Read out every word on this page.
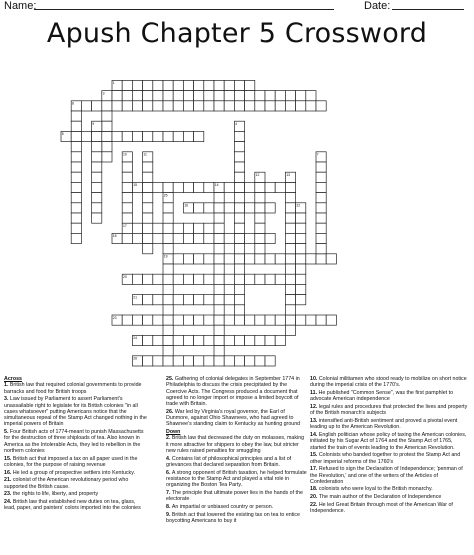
Name:	Date:
Apush Chapter 5 Crossword
1
3
8
5
15
16
17
18
19
20
21
23
24
26
9
10	11
4
7
12	13
14
22
25
Across
1. British law that required colonial governments to provide barracks and food for British troops
3. Law issued by Parliament to assert Parliament's unassailable right to legislate for its British colonies "in all cases whatsoever" putting Americans notice that the simultaneous repeal of the Stamp Act changed nothing in the imperial powers of Britain
5. Four British acts of 1774-meant to punish Massachusetts for the destruction of three shiploads of tea. Also known in America as the Intolerable Acts, they led to rebellion in the northern colonies
15. British act that imposed a tax on all paper used in the colonies, for the purpose of raising revenue
16. He led a group of prospective settlers into Kentucky.
21. colonist of the American revolutionary period who supported the British cause.
23. the rights to life, liberty, and property
24. British law that established new duties on tea, glass, lead, paper, and painters' colors imported into the colonies
25. Gathering of colonial delegates in September 1774 in Philadelphia to discuss the crisis precipitated by the Coercive Acts. The Congress produced a document that agreed to no longer import or impose a limited boycott of trade with Britain.
26. War led by Virginia's royal governor, the Earl of Dunmore, against Ohio Shawnees, who had agreed to Shawnee's standing claim to Kentucky as hunting ground
Down
2. British law that decreased the duty on molasses, making it more attractive for shippers to obey the law, but stricter new rules raised penalties for smuggling
4. Contains list of philosophical principles and a list of grievances that declared separation from Britain.
6. A strong opponent of British taxation, he helped formulate resistance to the Stamp Act and played a vital role in organizing the Boston Tea Party.
7. The principle that ultimate power lies in the hands of the electorate
8. An impartial or unbiased country or person.
9. British act that lowered the existing tax on tea to entice boycotting Americans to buy it
10. Colonial militiamen who stood ready to mobilize on short notice during the imperial crisis of the 1770's.
11. He published "Common Sense", was the first pamphlet to advocate American independence
12. legal rules and procedures that protected the lives and property of the British monarch's subjects
13. intensified anti-British sentiment and proved a pivotal event leading up to the American Revolution.
14. English politician whose policy of taxing the American colonies, initiated by his Sugar Act of 1764 and the Stamp Act of 1765, started the train of events leading to the American Revolution.
15. Colonists who banded together to protest the Stamp Act and other imperial reforms of the 1760's
17. Refused to sign the Declaration of Independence; 'penman of the Revolution,' and one of the writers of the Articles of Confederation
18. colonists who were loyal to the British monarchy.
20. The main author of the Declaration of Independence
22. He led Great Britain through most of the American War of Independence.
